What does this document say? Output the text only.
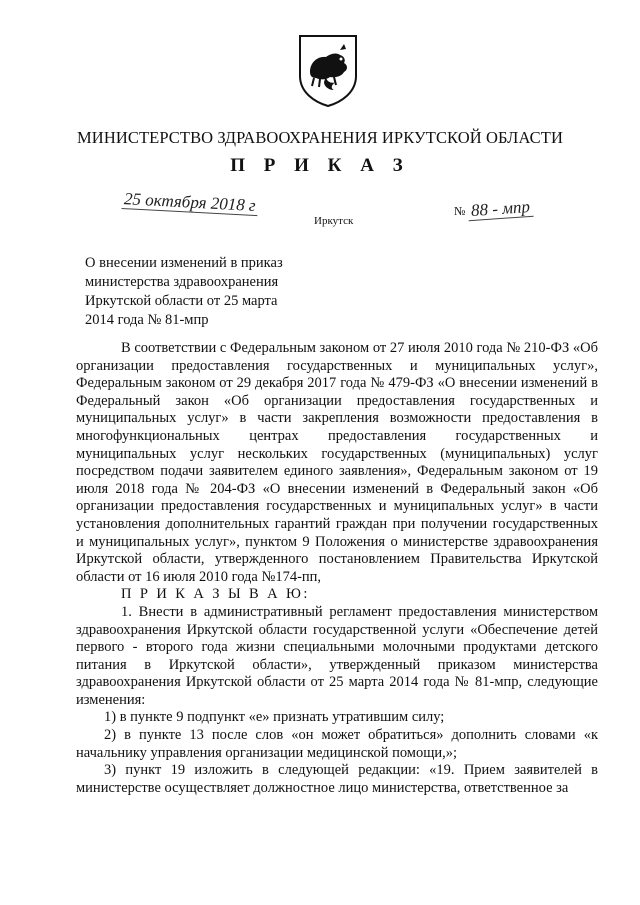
МИНИСТЕРСТВО ЗДРАВООХРАНЕНИЯ ИРКУТСКОЙ ОБЛАСТИ
П Р И К А З
25 октября 2018 г
Иркутск
№ 88 - мпр
О внесении изменений в приказ
министерства здравоохранения
Иркутской области от 25 марта
2014 года № 81-мпр

В соответствии с Федеральным законом от 27 июля 2010 года № 210-ФЗ «Об организации предоставления государственных и муниципальных услуг», Федеральным законом от 29 декабря 2017 года № 479-ФЗ «О внесении изменений в Федеральный закон «Об организации предоставления государственных и муниципальных услуг» в части закрепления возможности предоставления в многофункциональных центрах предоставления государственных и муниципальных услуг нескольких государственных (муниципальных) услуг посредством подачи заявителем единого заявления», Федеральным законом от 19 июля 2018 года № 204-ФЗ «О внесении изменений в Федеральный закон «Об организации предоставления государственных и муниципальных услуг» в части установления дополнительных гарантий граждан при получении государственных и муниципальных услуг», пунктом 9 Положения о министерстве здравоохранения Иркутской области, утвержденного постановлением Правительства Иркутской области от 16 июля 2010 года №174-пп,

П Р И К А З Ы В А Ю:

1. Внести в административный регламент предоставления министерством здравоохранения Иркутской области государственной услуги «Обеспечение детей первого - второго года жизни специальными молочными продуктами детского питания в Иркутской области», утвержденный приказом министерства здравоохранения Иркутской области от 25 марта 2014 года № 81-мпр, следующие изменения:

1) в пункте 9 подпункт «е» признать утратившим силу;

2) в пункте 13 после слов «он может обратиться» дополнить словами «к начальнику управления организации медицинской помощи,»;

3) пункт 19 изложить в следующей редакции: «19. Прием заявителей в министерстве осуществляет должностное лицо министерства, ответственное за
